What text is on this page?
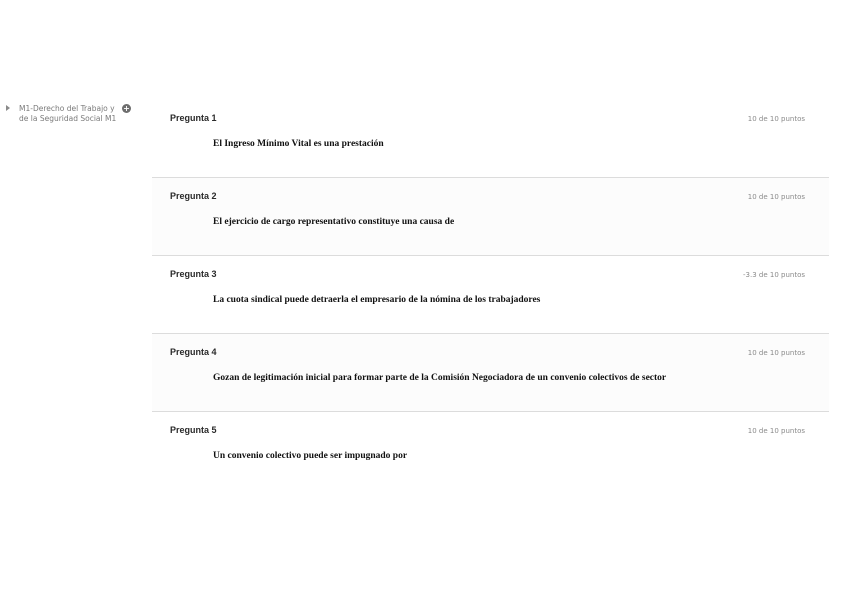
M1-Derecho del Trabajo y
de la Seguridad Social M1
+
Pregunta 1	10 de 10 puntos
El Ingreso Mínimo Vital es una prestación
Pregunta 2	10 de 10 puntos
El ejercicio de cargo representativo constituye una causa de
Pregunta 3	-3.3 de 10 puntos
La cuota sindical puede detraerla el empresario de la nómina de los trabajadores
Pregunta 4	10 de 10 puntos
Gozan de legitimación inicial para formar parte de la Comisión Negociadora de un convenio colectivos de sector
Pregunta 5	10 de 10 puntos
Un convenio colectivo puede ser impugnado por
